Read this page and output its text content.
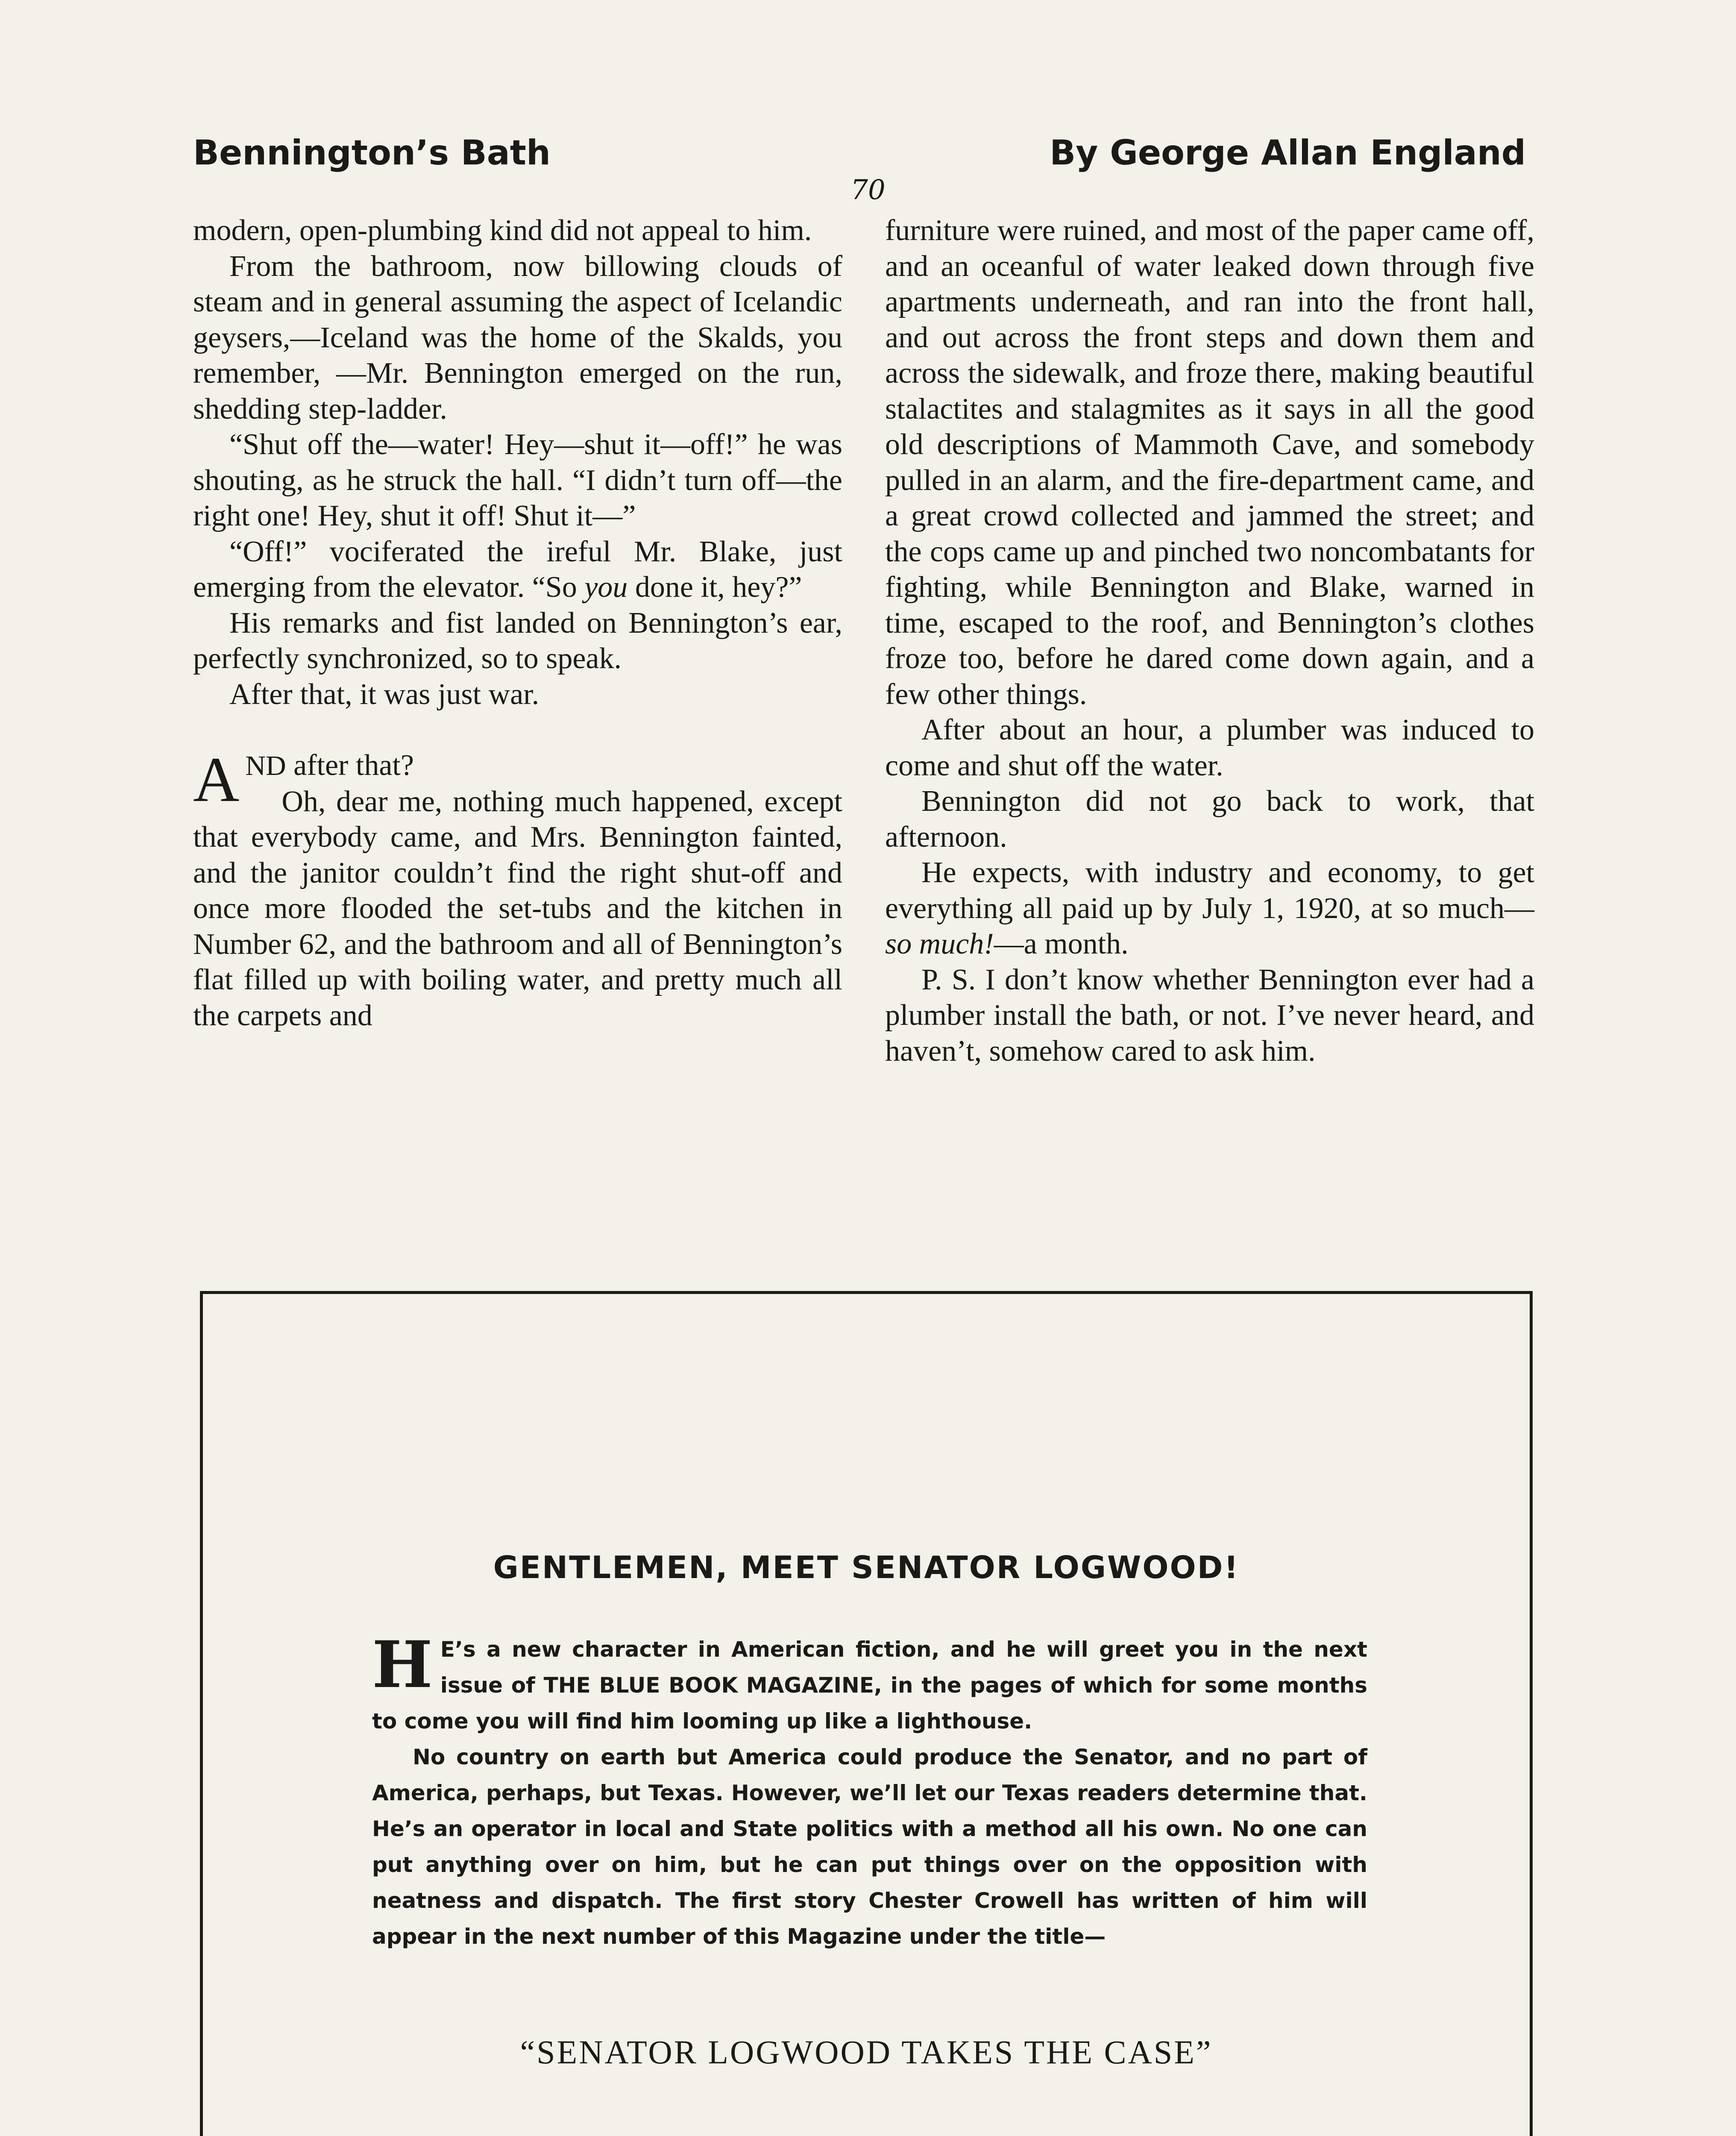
Bennington’s Bath	By George Allan England
70

modern, open-plumbing kind did not appeal to him.

From the bathroom, now billowing clouds of steam and in general assuming the aspect of Icelandic geysers,—Iceland was the home of the Skalds, you remember, —Mr. Bennington emerged on the run, shedding step-ladder.

“Shut off the—water! Hey—shut it—off!” he was shouting, as he struck the hall. “I didn’t turn off—the right one! Hey, shut it off! Shut it—”

“Off!” vociferated the ireful Mr. Blake, just emerging from the elevator. “So you done it, hey?”

His remarks and fist landed on Bennington’s ear, perfectly synchronized, so to speak.

After that, it was just war.

AND after that?

Oh, dear me, nothing much happened, except that everybody came, and Mrs. Bennington fainted, and the janitor couldn’t find the right shut-off and once more flooded the set-tubs and the kitchen in Number 62, and the bathroom and all of Bennington’s flat filled up with boiling water, and pretty much all the carpets and

furniture were ruined, and most of the paper came off, and an oceanful of water leaked down through five apartments underneath, and ran into the front hall, and out across the front steps and down them and across the sidewalk, and froze there, making beautiful stalactites and stalagmites as it says in all the good old descriptions of Mammoth Cave, and somebody pulled in an alarm, and the fire-department came, and a great crowd collected and jammed the street; and the cops came up and pinched two noncombatants for fighting, while Bennington and Blake, warned in time, escaped to the roof, and Bennington’s clothes froze too, before he dared come down again, and a few other things.

After about an hour, a plumber was induced to come and shut off the water.

Bennington did not go back to work, that afternoon.

He expects, with industry and economy, to get everything all paid up by July 1, 1920, at so much—so much!—a month.

P. S. I don’t know whether Bennington ever had a plumber install the bath, or not. I’ve never heard, and haven’t, somehow cared to ask him.

GENTLEMEN, MEET SENATOR LOGWOOD!

H E’s a new character in American fiction, and he will greet you in the next issue of THE BLUE BOOK MAGAZINE, in the pages of which for some months to come you will find him looming up like a lighthouse.

No country on earth but America could produce the Senator, and no part of America, perhaps, but Texas. However, we’ll let our Texas readers determine that. He’s an operator in local and State politics with a method all his own. No one can put anything over on him, but he can put things over on the opposition with neatness and dispatch. The first story Chester Crowell has written of him will appear in the next number of this Magazine under the title—

“SENATOR LOGWOOD TAKES THE CASE”
